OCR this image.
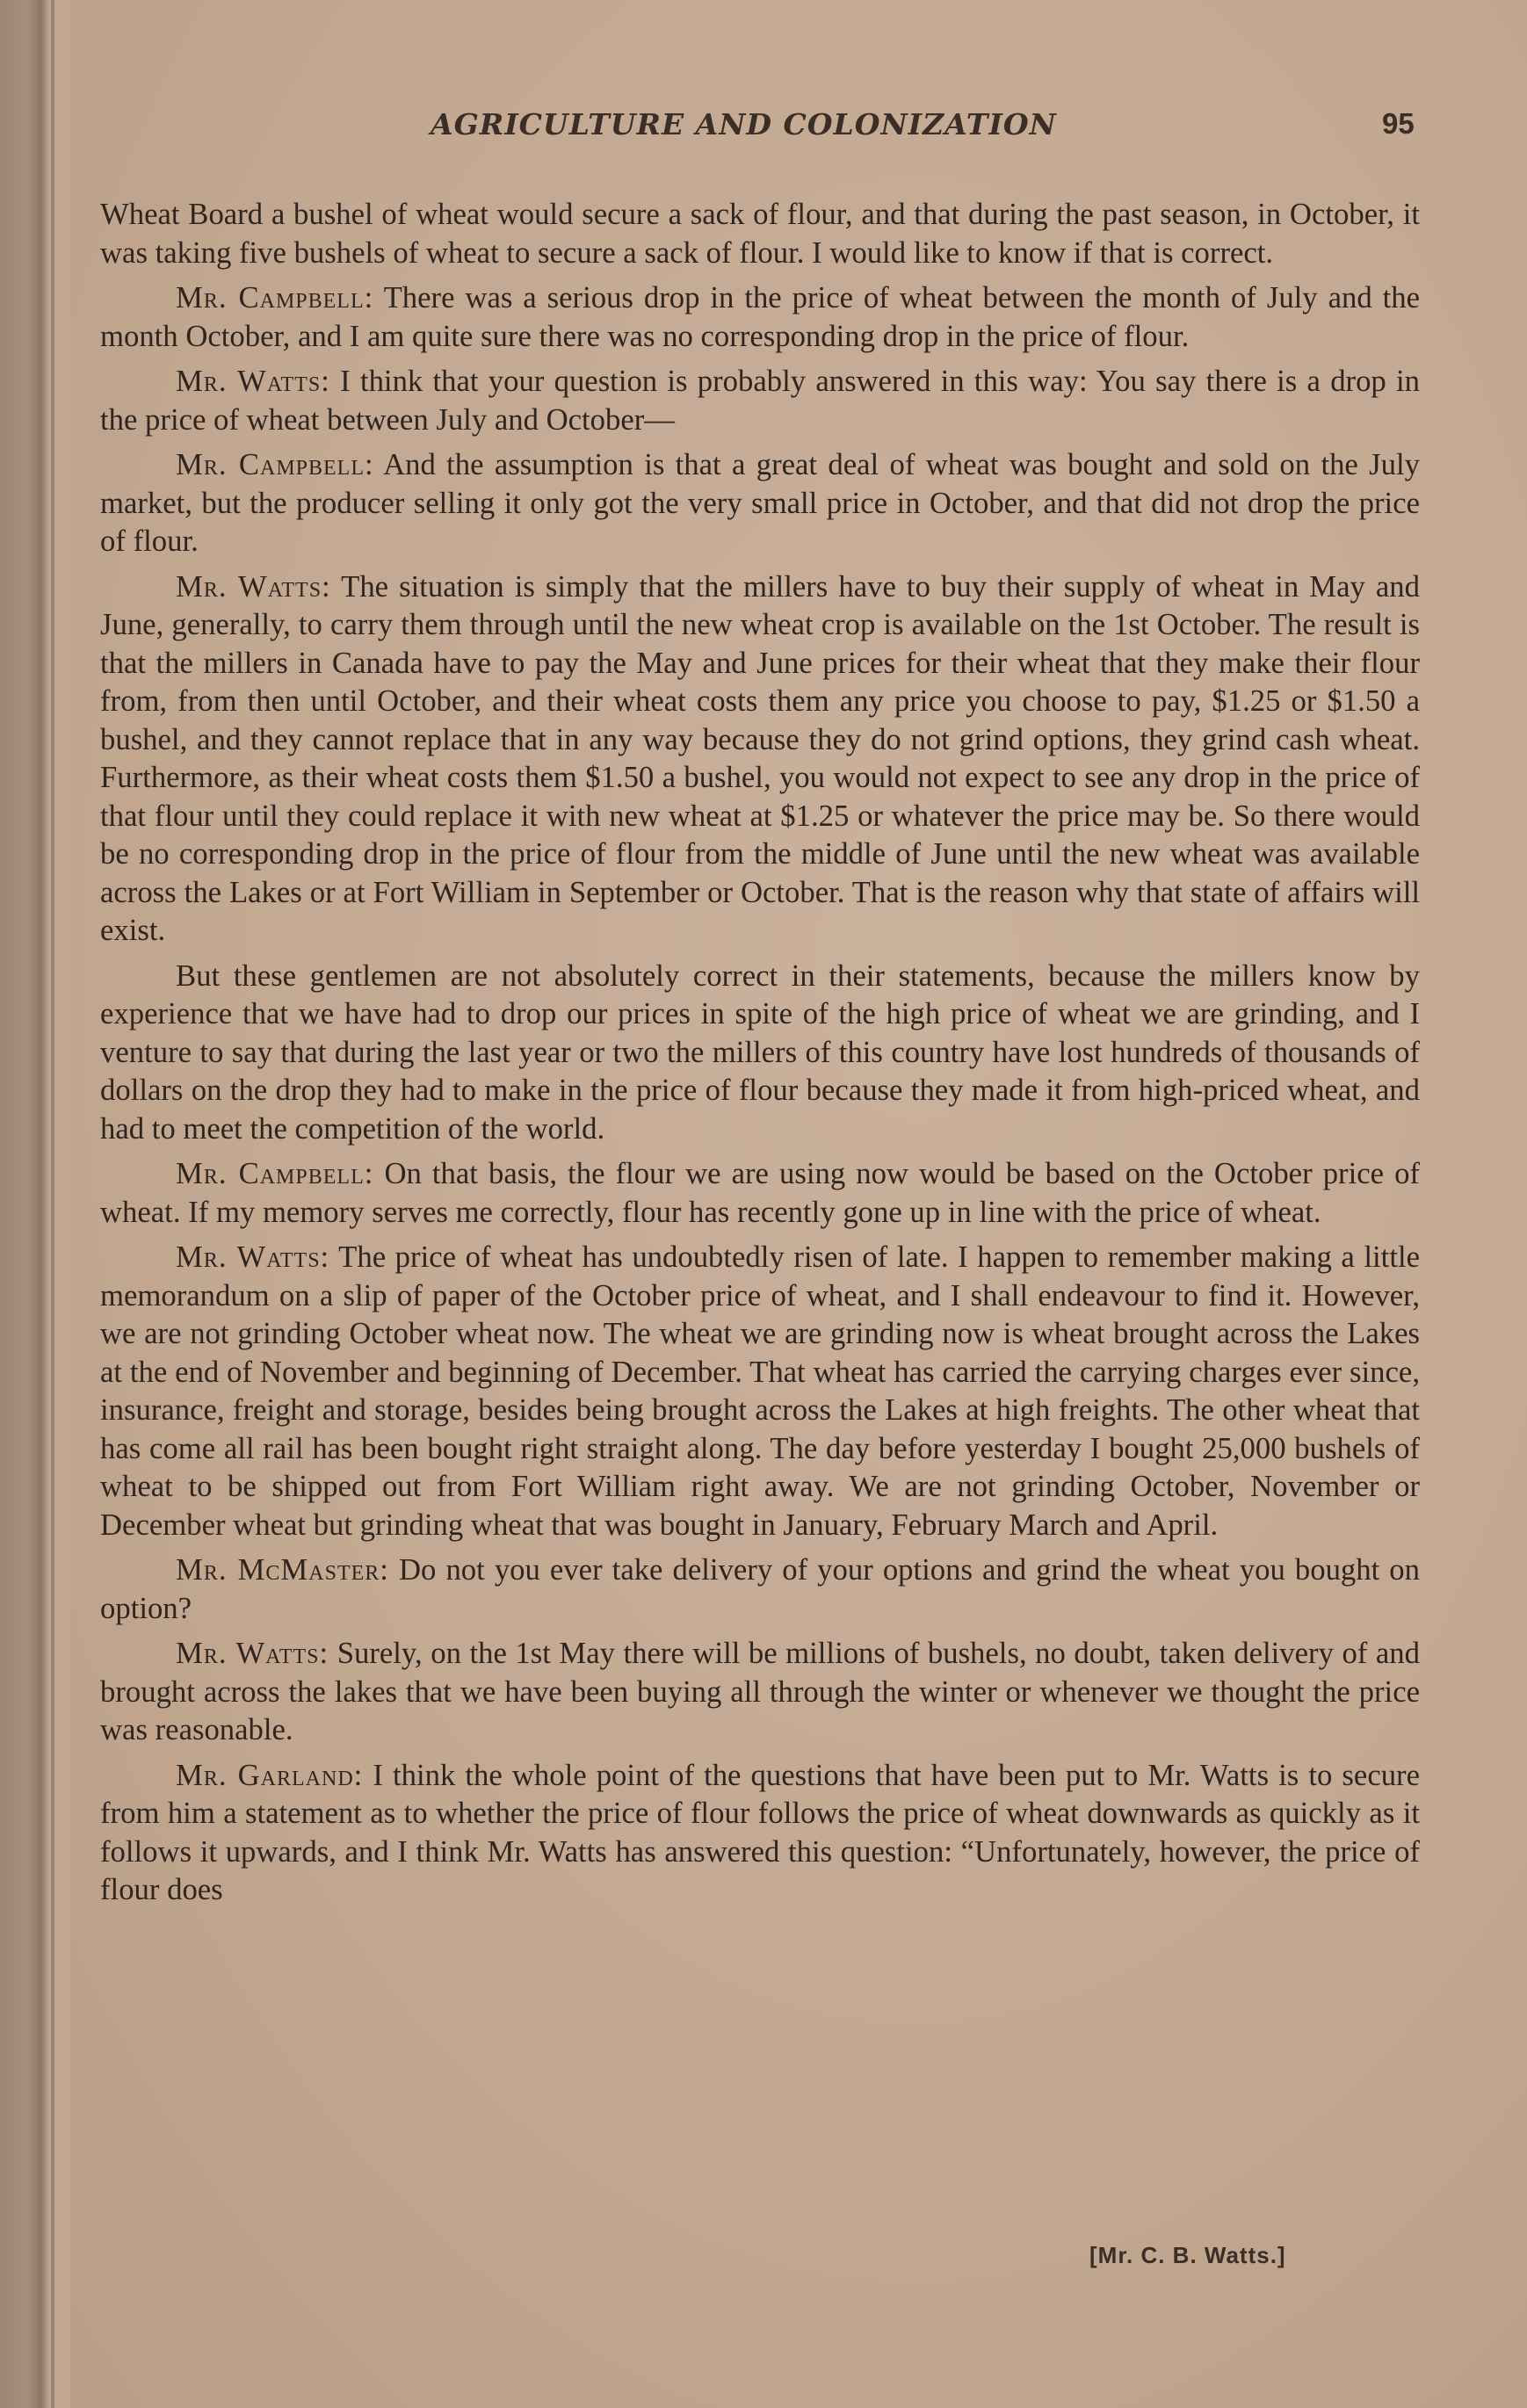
AGRICULTURE AND COLONIZATION	95

Wheat Board a bushel of wheat would secure a sack of flour, and that during the past season, in October, it was taking five bushels of wheat to secure a sack of flour. I would like to know if that is correct.

Mr. Campbell: There was a serious drop in the price of wheat between the month of July and the month October, and I am quite sure there was no corresponding drop in the price of flour.

Mr. Watts: I think that your question is probably answered in this way: You say there is a drop in the price of wheat between July and October—

Mr. Campbell: And the assumption is that a great deal of wheat was bought and sold on the July market, but the producer selling it only got the very small price in October, and that did not drop the price of flour.

Mr. Watts: The situation is simply that the millers have to buy their supply of wheat in May and June, generally, to carry them through until the new wheat crop is available on the 1st October. The result is that the millers in Canada have to pay the May and June prices for their wheat that they make their flour from, from then until October, and their wheat costs them any price you choose to pay, $1.25 or $1.50 a bushel, and they cannot replace that in any way because they do not grind options, they grind cash wheat. Furthermore, as their wheat costs them $1.50 a bushel, you would not expect to see any drop in the price of that flour until they could replace it with new wheat at $1.25 or whatever the price may be. So there would be no corresponding drop in the price of flour from the middle of June until the new wheat was available across the Lakes or at Fort William in September or October. That is the reason why that state of affairs will exist.

But these gentlemen are not absolutely correct in their statements, because the millers know by experience that we have had to drop our prices in spite of the high price of wheat we are grinding, and I venture to say that during the last year or two the millers of this country have lost hundreds of thousands of dollars on the drop they had to make in the price of flour because they made it from high-priced wheat, and had to meet the competition of the world.

Mr. Campbell: On that basis, the flour we are using now would be based on the October price of wheat. If my memory serves me correctly, flour has recently gone up in line with the price of wheat.

Mr. Watts: The price of wheat has undoubtedly risen of late. I happen to remember making a little memorandum on a slip of paper of the October price of wheat, and I shall endeavour to find it. However, we are not grinding October wheat now. The wheat we are grinding now is wheat brought across the Lakes at the end of November and beginning of December. That wheat has carried the carrying charges ever since, insurance, freight and storage, besides being brought across the Lakes at high freights. The other wheat that has come all rail has been bought right straight along. The day before yesterday I bought 25,000 bushels of wheat to be shipped out from Fort William right away. We are not grinding October, November or December wheat but grinding wheat that was bought in January, February March and April.

Mr. McMaster: Do not you ever take delivery of your options and grind the wheat you bought on option?

Mr. Watts: Surely, on the 1st May there will be millions of bushels, no doubt, taken delivery of and brought across the lakes that we have been buying all through the winter or whenever we thought the price was reasonable.

Mr. Garland: I think the whole point of the questions that have been put to Mr. Watts is to secure from him a statement as to whether the price of flour follows the price of wheat downwards as quickly as it follows it upwards, and I think Mr. Watts has answered this question: “Unfortunately, however, the price of flour does

[Mr. C. B. Watts.]
